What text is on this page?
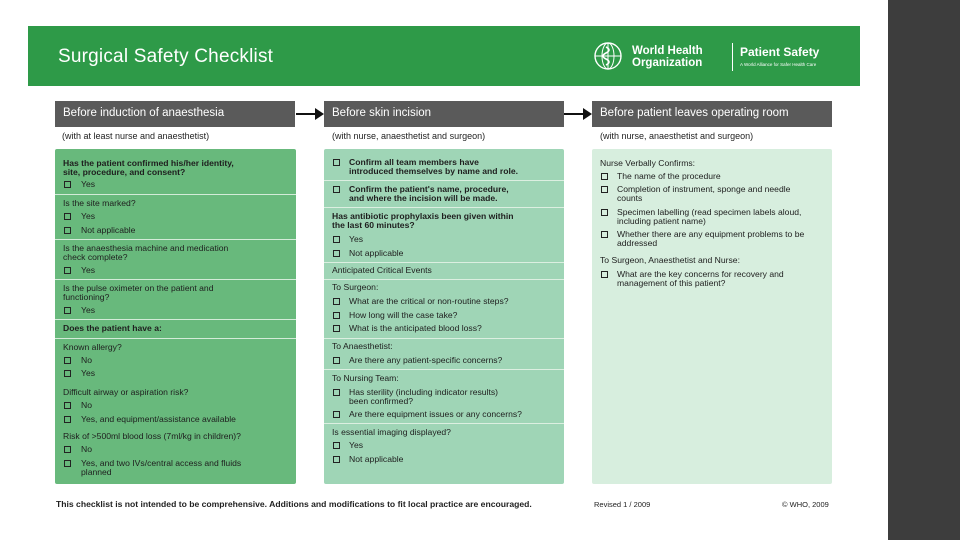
Surgical Safety Checklist	World Health
Organization
Patient Safety
A World Alliance for Safer Health Care
Before induction of anaesthesia	Before skin incision	Before patient leaves operating room
(with at least nurse and anaesthetist)	(with nurse, anaesthetist and surgeon)	(with nurse, anaesthetist and surgeon)
Has the patient confirmed his/her identity,
site, procedure, and consent?
Yes
Is the site marked?
Yes
Not applicable
Is the anaesthesia machine and medication
check complete?
Yes
Is the pulse oximeter on the patient and
functioning?
Yes
Does the patient have a:
Known allergy?
No
Yes
Difficult airway or aspiration risk?
No
Yes, and equipment/assistance available
Risk of >500ml blood loss (7ml/kg in children)?
No
Yes, and two IVs/central access and fluids
planned
Confirm all team members have
introduced themselves by name and role.
Confirm the patient's name, procedure,
and where the incision will be made.
Has antibiotic prophylaxis been given within
the last 60 minutes?
Yes
Not applicable
Anticipated Critical Events
To Surgeon:
What are the critical or non-routine steps?
How long will the case take?
What is the anticipated blood loss?
To Anaesthetist:
Are there any patient-specific concerns?
To Nursing Team:
Has sterility (including indicator results)
been confirmed?
Are there equipment issues or any concerns?
Is essential imaging displayed?
Yes
Not applicable
Nurse Verbally Confirms:
The name of the procedure
Completion of instrument, sponge and needle
counts
Specimen labelling (read specimen labels aloud,
including patient name)
Whether there are any equipment problems to be
addressed
To Surgeon, Anaesthetist and Nurse:
What are the key concerns for recovery and
management of this patient?
This checklist is not intended to be comprehensive. Additions and modifications to fit local practice are encouraged.	Revised 1 / 2009	© WHO, 2009
